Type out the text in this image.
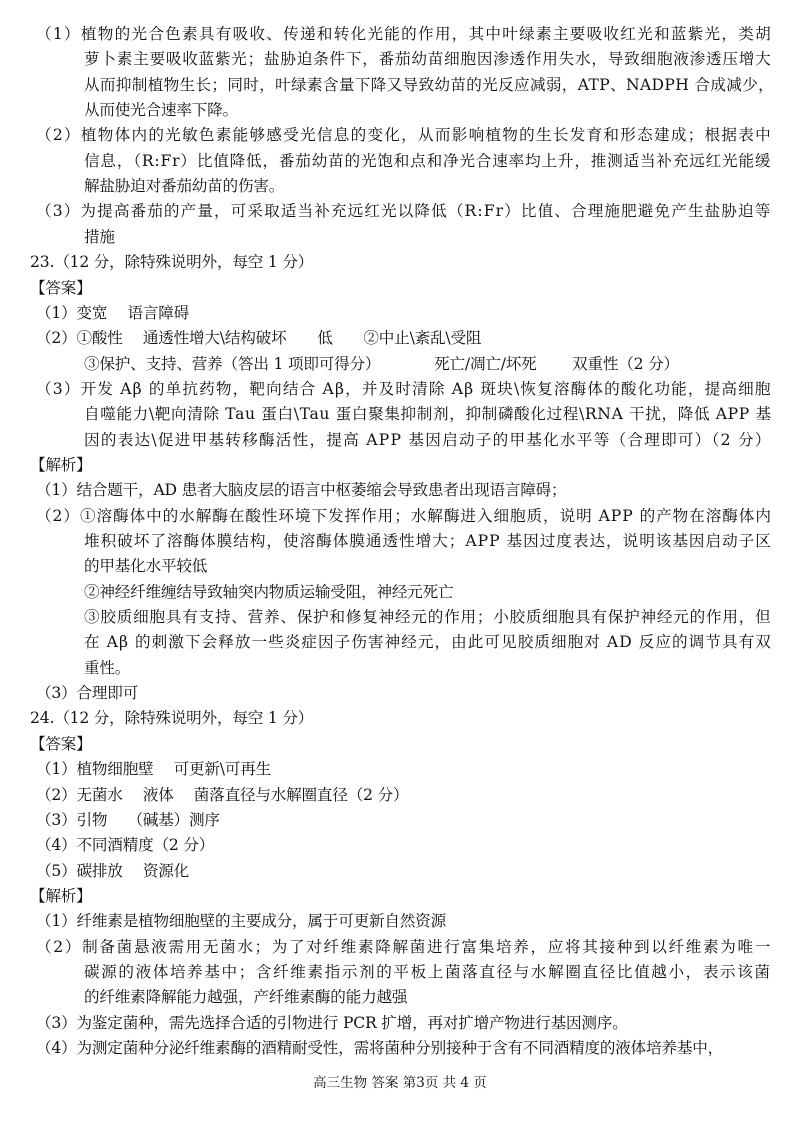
（1）植物的光合色素具有吸收、传递和转化光能的作用，其中叶绿素主要吸收红光和蓝紫光，类胡
萝卜素主要吸收蓝紫光；盐胁迫条件下，番茄幼苗细胞因渗透作用失水，导致细胞液渗透压增大
从而抑制植物生长；同时，叶绿素含量下降又导致幼苗的光反应减弱，ATP、NADPH 合成减少，
从而使光合速率下降。
（2）植物体内的光敏色素能够感受光信息的变化，从而影响植物的生长发育和形态建成；根据表中
信息，（R:Fr）比值降低，番茄幼苗的光饱和点和净光合速率均上升，推测适当补充远红光能缓
解盐胁迫对番茄幼苗的伤害。
（3）为提高番茄的产量，可采取适当补充远红光以降低（R:Fr）比值、合理施肥避免产生盐胁迫等
措施
23.（12 分，除特殊说明外，每空 1 分）
【答案】
（1）变宽　 语言障碍
（2）①酸性　 通透性增大\结构破坏　　低　　②中止\紊乱\受阻
③保护、支持、营养（答出 1 项即可得分）　　　　死亡/凋亡/坏死　　 双重性（2 分）
（3）开发 Aβ 的单抗药物，靶向结合 Aβ，并及时清除 Aβ 斑块\恢复溶酶体的酸化功能，提高细胞
自噬能力\靶向清除 Tau 蛋白\Tau 蛋白聚集抑制剂，抑制磷酸化过程\RNA 干扰，降低 APP 基
因的表达\促进甲基转移酶活性，提高 APP 基因启动子的甲基化水平等（合理即可）（2 分）
【解析】
（1）结合题干，AD 患者大脑皮层的语言中枢萎缩会导致患者出现语言障碍；
（2）①溶酶体中的水解酶在酸性环境下发挥作用；水解酶进入细胞质，说明 APP 的产物在溶酶体内
堆积破坏了溶酶体膜结构，使溶酶体膜通透性增大；APP 基因过度表达，说明该基因启动子区
的甲基化水平较低
②神经纤维缠结导致轴突内物质运输受阻，神经元死亡
③胶质细胞具有支持、营养、保护和修复神经元的作用；小胶质细胞具有保护神经元的作用，但
在 Aβ 的刺激下会释放一些炎症因子伤害神经元，由此可见胶质细胞对 AD 反应的调节具有双
重性。
（3）合理即可
24.（12 分，除特殊说明外，每空 1 分）
【答案】
（1）植物细胞壁　 可更新\可再生
（2）无菌水　 液体　 菌落直径与水解圈直径（2 分）
（3）引物　 （碱基）测序
（4）不同酒精度（2 分）
（5）碳排放　 资源化
【解析】
（1）纤维素是植物细胞壁的主要成分，属于可更新自然资源
（2）制备菌悬液需用无菌水；为了对纤维素降解菌进行富集培养，应将其接种到以纤维素为唯一
碳源的液体培养基中；含纤维素指示剂的平板上菌落直径与水解圈直径比值越小，表示该菌
的纤维素降解能力越强，产纤维素酶的能力越强
（3）为鉴定菌种，需先选择合适的引物进行 PCR 扩增，再对扩增产物进行基因测序。
（4）为测定菌种分泌纤维素酶的酒精耐受性，需将菌种分别接种于含有不同酒精度的液体培养基中，
高三生物 答案 第3页 共 4 页
